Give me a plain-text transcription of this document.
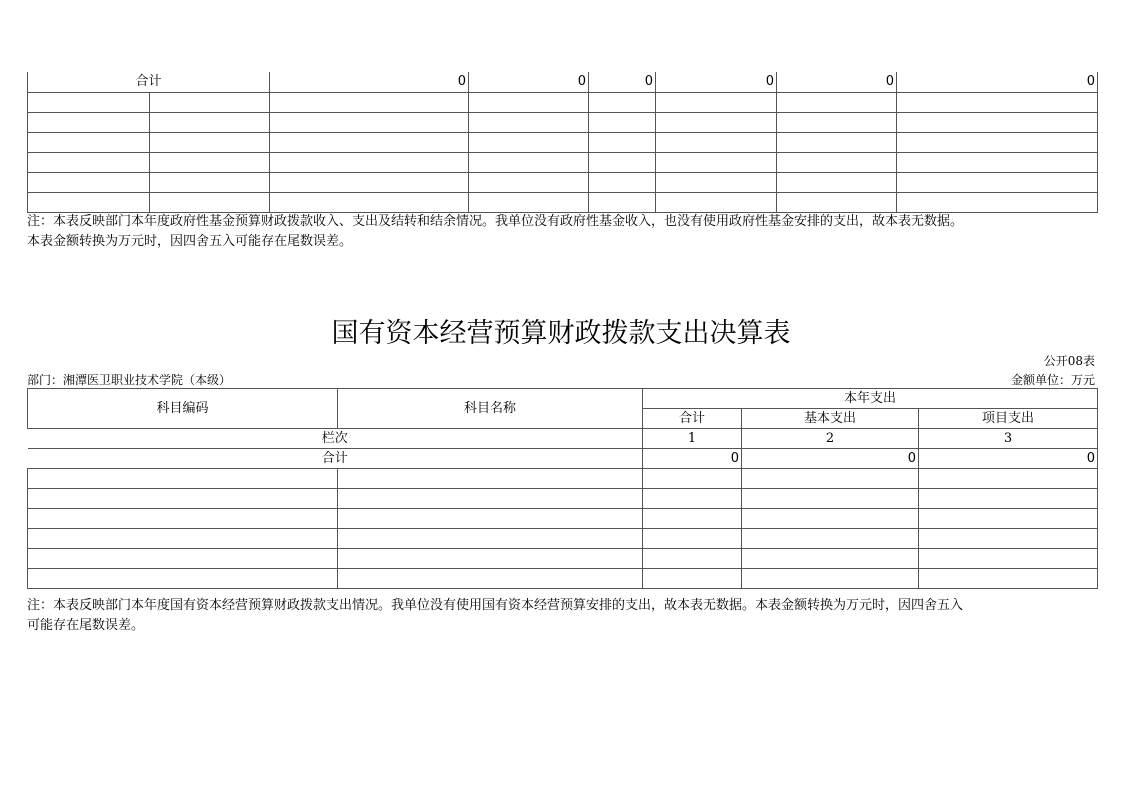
合计		0	0	0	0	0	0

注：本表反映部门本年度政府性基金预算财政拨款收入、支出及结转和结余情况。我单位没有政府性基金收入，也没有使用政府性基金安排的支出，故本表无数据。
本表金额转换为万元时，因四舍五入可能存在尾数误差。
国有资本经营预算财政拨款支出决算表
公开08表
部门：湘潭医卫职业技术学院（本级）	金额单位：万元
科目编码	科目名称	本年支出		
		合计	基本支出	项目支出
栏次		1	2	3
合计		0	0	0

注：本表反映部门本年度国有资本经营预算财政拨款支出情况。我单位没有使用国有资本经营预算安排的支出，故本表无数据。本表金额转换为万元时，因四舍五入
可能存在尾数误差。
